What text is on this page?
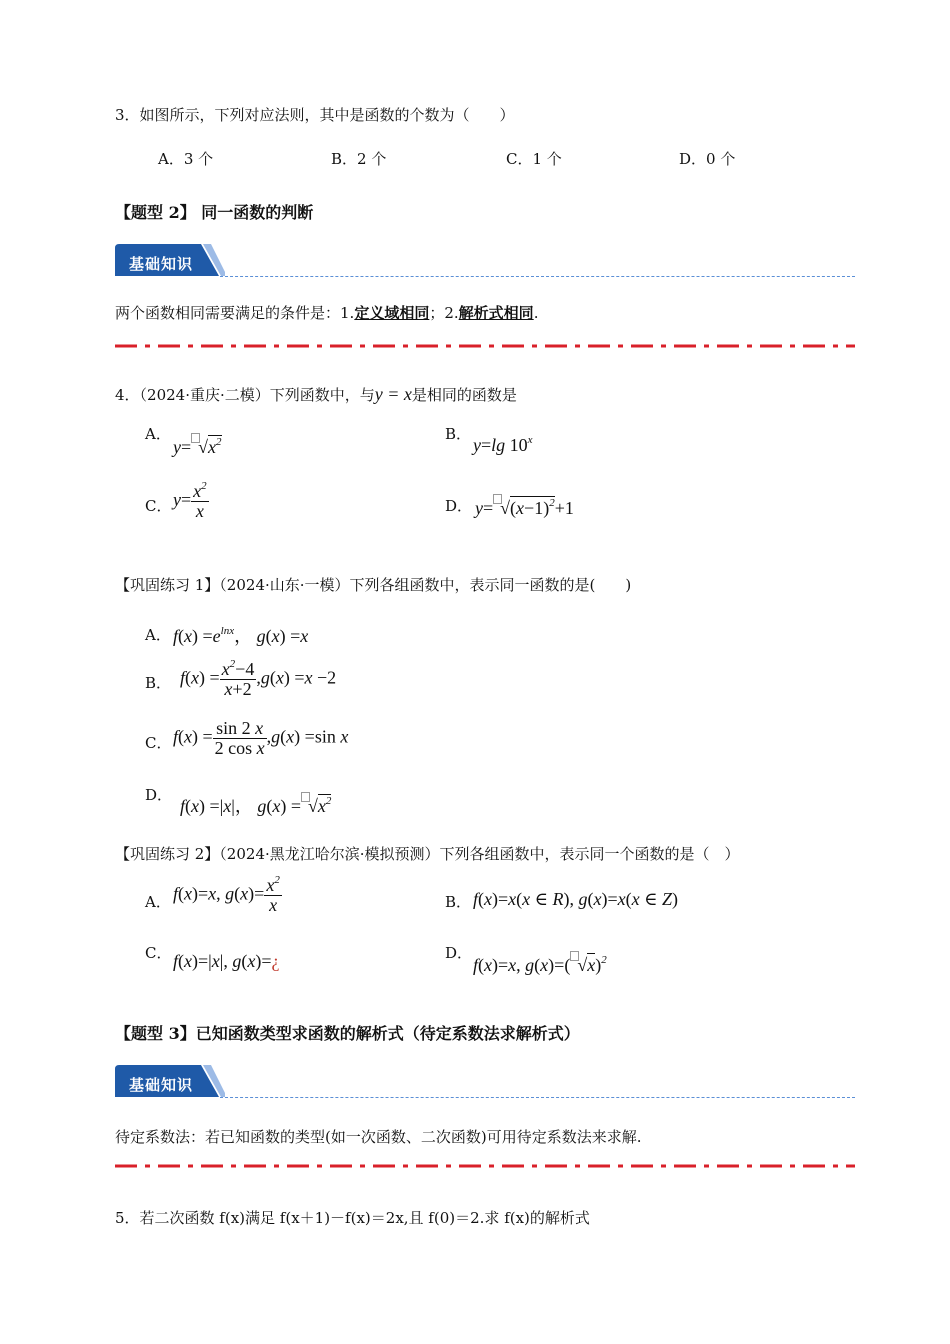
3．如图所示，下列对应法则，其中是函数的个数为（　　）
A．3 个	B．2 个	C．1 个	D．0 个
【题型 2】 同一函数的判断
基础知识
两个函数相同需要满足的条件是：1.定义域相同；2.解析式相同.
4．（2024·重庆·二模）下列函数中，与y = x是相同的函数是
A．
$y= √x^2$	B．
y=lg 10$^x$
C． $y= \frac{x^2}{x}$	D． $y= √(x-1)^2+1$
【巩固练习 1】（2024·山东·一模）下列各组函数中，表示同一函数的是(　　)
A． $f(x) =e^{lnx}$， g(x) =x
B． $f(x) = \frac{x^2-4}{x+2} ,g(x) =x -2$
C． $f(x) = \frac{\sin 2 x}{\text{2 cos x}} ,g(x) =\sin$ x
D．
f(x) =|x|， $g(x) = √x^2$
【巩固练习 2】（2024·黑龙江哈尔滨·模拟预测）下列各组函数中，表示同一个函数的是（　）
A． f(x)=x, $g(x)= \frac{x^2}{x}$	B． f(x)=x(x ∈ R), g(x)=x(x ∈ Z)
C． f(x)=|x|, g(x)=¿	D．
f(x)=x, g(x)=( √x)$^2$
【题型 3】已知函数类型求函数的解析式（待定系数法求解析式）
基础知识
待定系数法：若已知函数的类型(如一次函数、二次函数)可用待定系数法来求解.
5．若二次函数 f(x)满足 f(x＋1)－f(x)＝2x,且 f(0)＝2.求 f(x)的解析式
